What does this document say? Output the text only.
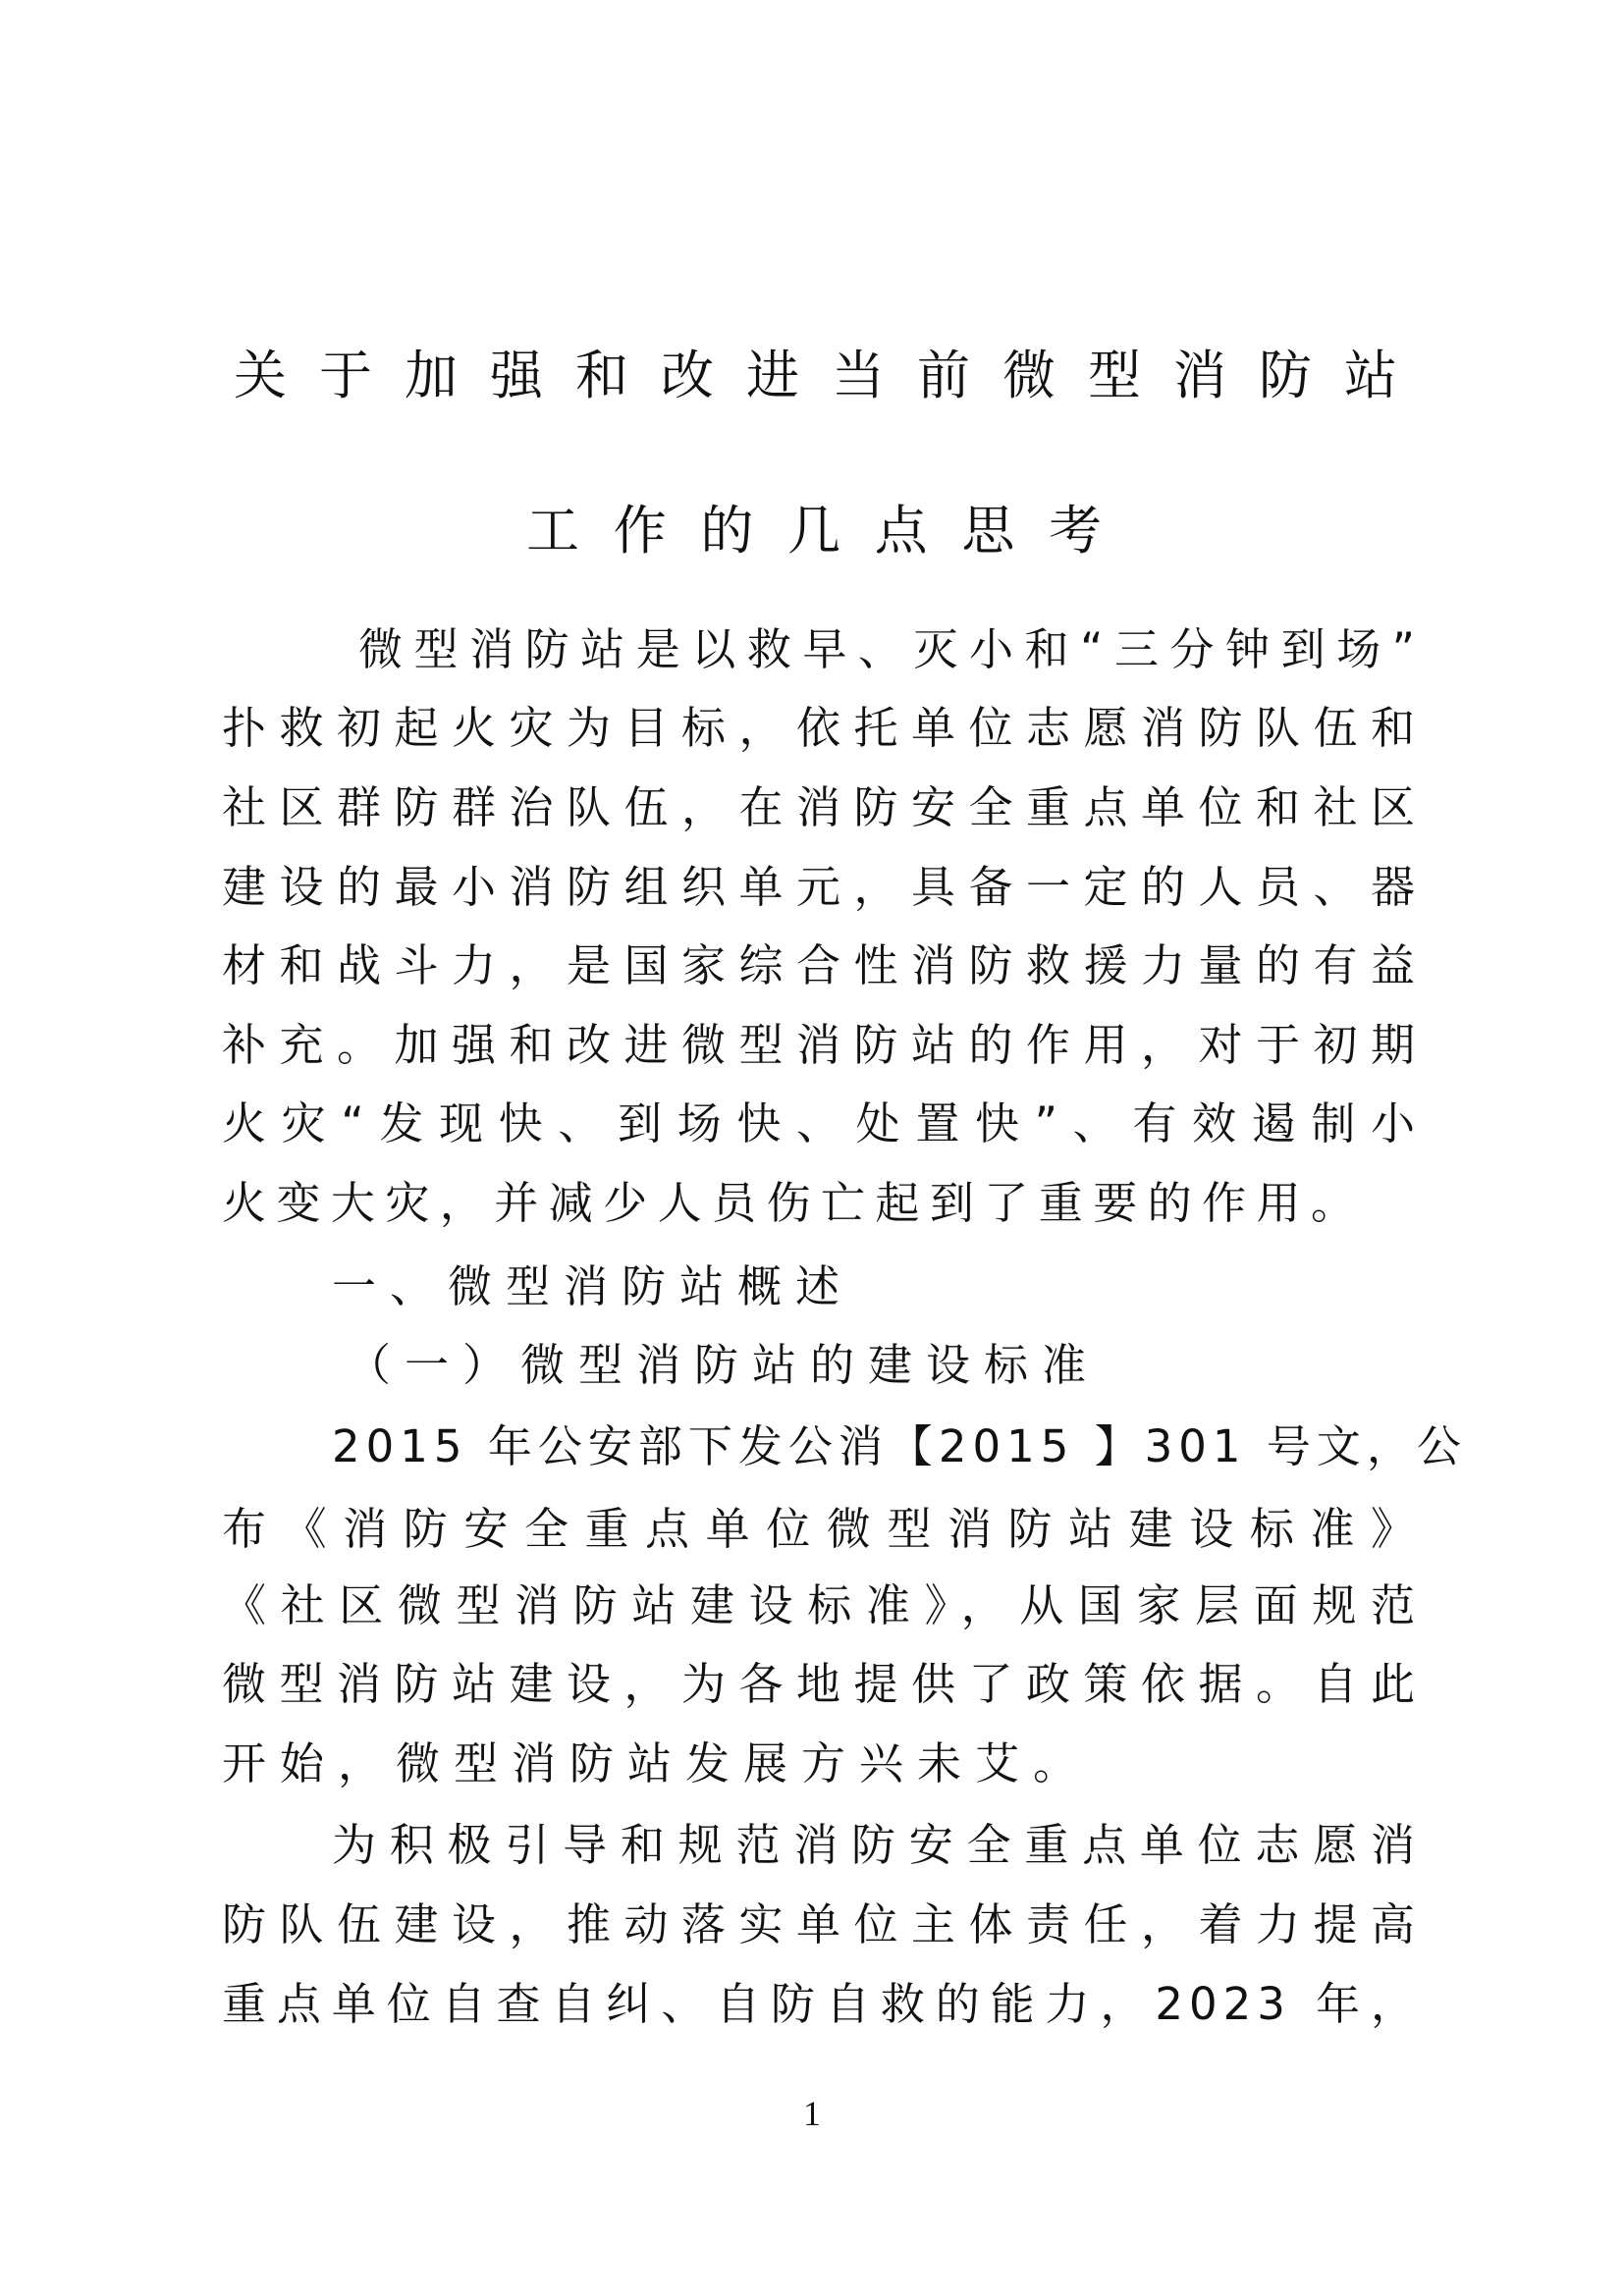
关于加强和改进当前微型消防站
工作的几点思考
微型消防站是以救早、灭小和“三分钟到场”
扑救初起火灾为目标，依托单位志愿消防队伍和
社区群防群治队伍，在消防安全重点单位和社区
建设的最小消防组织单元，具备一定的人员、器
材和战斗力，是国家综合性消防救援力量的有益
补充。加强和改进微型消防站的作用，对于初期
火灾“发现快、到场快、处置快”、有效遏制小
火变大灾，并减少人员伤亡起到了重要的作用。
一、微型消防站概述
（一）微型消防站的建设标准
2015 年公安部下发公消【2015 】301 号文，公
布《消防安全重点单位微型消防站建设标准》
《社区微型消防站建设标准》，从国家层面规范
微型消防站建设，为各地提供了政策依据。自此
开始，微型消防站发展方兴未艾。
为积极引导和规范消防安全重点单位志愿消
防队伍建设，推动落实单位主体责任，着力提高
重点单位自查自纠、自防自救的能力，2023 年，
1
